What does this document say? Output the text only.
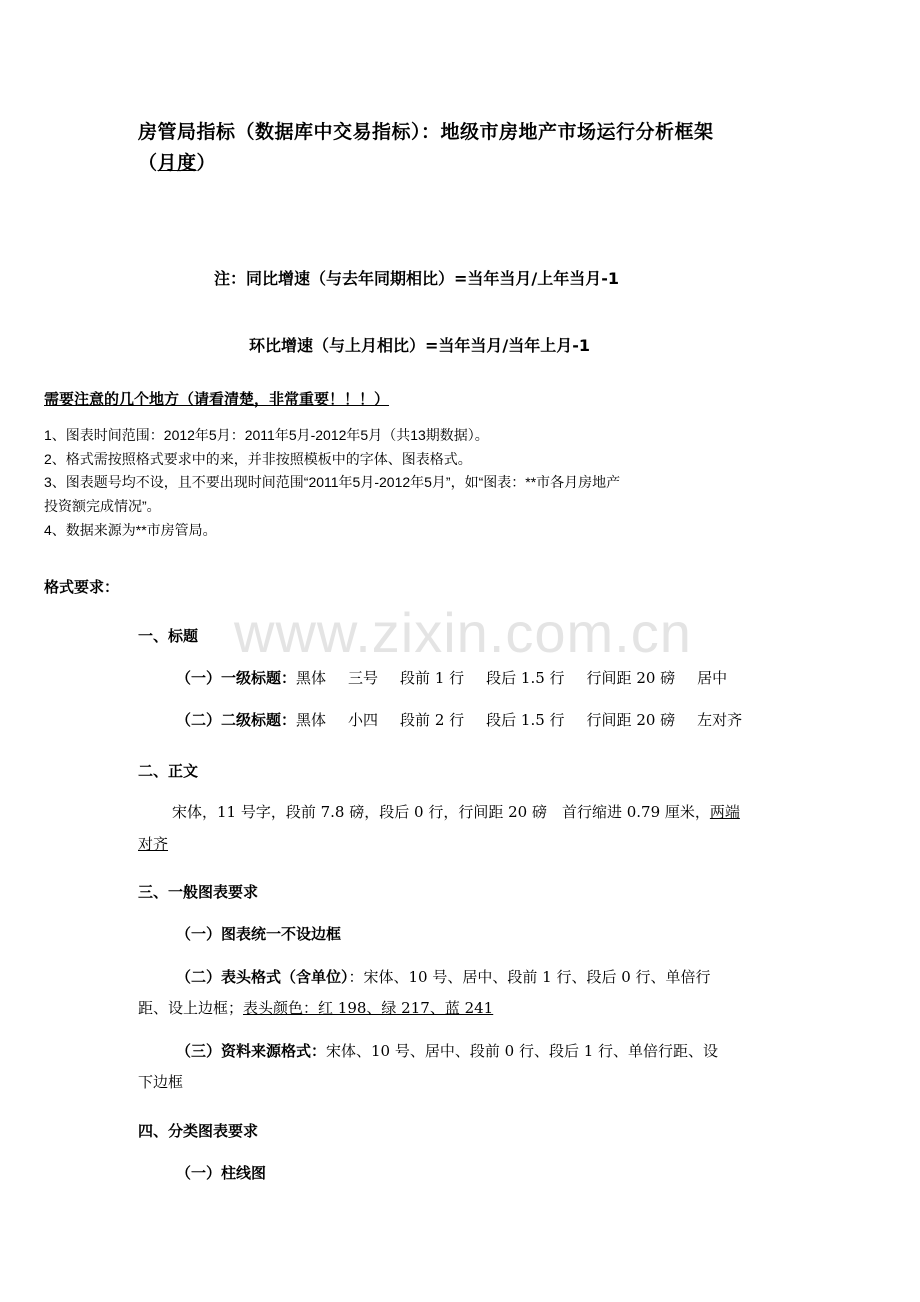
www.zixin.com.cn
房管局指标（数据库中交易指标）：地级市房地产市场运行分析框架
（月度）
注：同比增速（与去年同期相比）=当年当月/上年当月-1
环比增速（与上月相比）=当年当月/当年上月-1
需要注意的几个地方（请看清楚，非常重要！！！）
1、图表时间范围：2012年5月：2011年5月-2012年5月（共13期数据）。
2、格式需按照格式要求中的来，并非按照模板中的字体、图表格式。
3、图表题号均不设，且不要出现时间范围“2011年5月-2012年5月”，如“图表：**市各月房地产
投资额完成情况”。
4、数据来源为**市房管局。
格式要求：
一、标题
（一）一级标题：黑体 三号 段前 1 行 段后 1.5 行 行间距 20 磅 居中
（二）二级标题：黑体 小四 段前 2 行 段后 1.5 行 行间距 20 磅 左对齐
二、正文
宋体，11 号字，段前 7.8 磅，段后 0 行，行间距 20 磅　首行缩进 0.79 厘米，两端
对齐
三、一般图表要求
（一）图表统一不设边框
（二）表头格式（含单位）：宋体、10 号、居中、段前 1 行、段后 0 行、单倍行
距、设上边框；表头颜色：红 198、绿 217、蓝 241
（三）资料来源格式：宋体、10 号、居中、段前 0 行、段后 1 行、单倍行距、设
下边框
四、分类图表要求
（一）柱线图
